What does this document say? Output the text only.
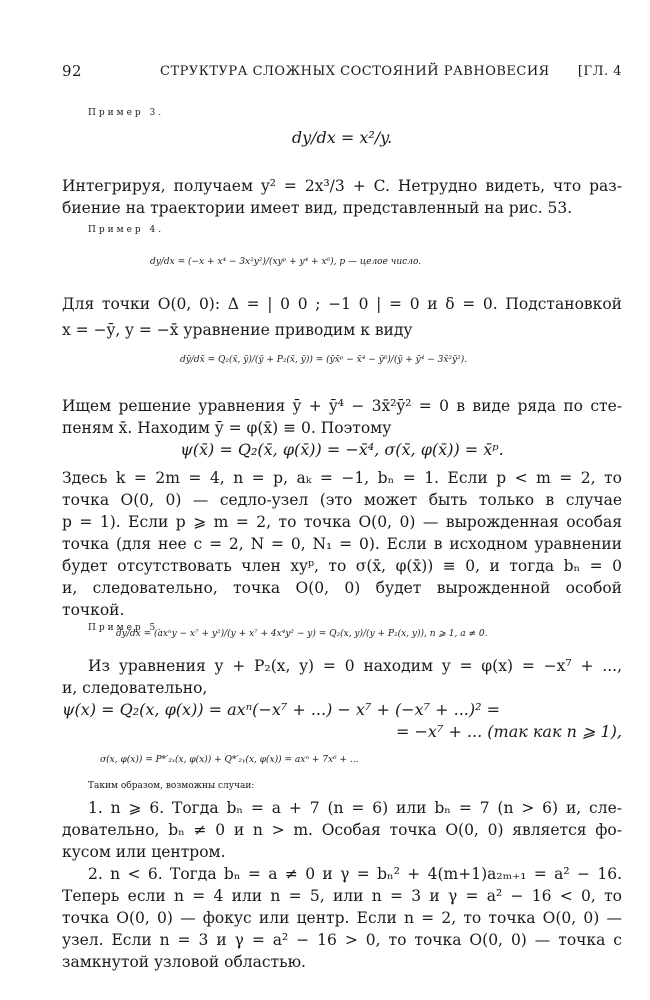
92	СТРУКТУРА СЛОЖНЫХ СОСТОЯНИЙ РАВНОВЕСИЯ [ГЛ. 4
Пример 3.
dy/dx = x²/y.
Интегрируя, получаем y² = 2x³/3 + C. Нетрудно видеть, что раз-
биение на траектории имеет вид, представленный на рис. 53.
Пример 4.
dy/dx = (−x + x⁴ − 3x²y²)/(xyᵖ + y⁴ + x⁶), p — целое число.
Для точки O(0, 0): Δ = | 0 0 ; −1 0 | = 0 и δ = 0. Подстановкой
x = −ȳ, y = −x̄ уравнение приводим к виду
dȳ/dx̄ = Q₂(x̄, ȳ)/(ȳ + P₂(x̄, ȳ)) = (ȳx̄ᵖ − x̄⁴ − ȳ⁶)/(ȳ + ȳ⁴ − 3x̄²ȳ²).
Ищем решение уравнения ȳ + ȳ⁴ − 3x̄²ȳ² = 0 в виде ряда по сте-
пеням x̄. Находим ȳ = φ(x̄) ≡ 0. Поэтому
ψ(x̄) = Q₂(x̄, φ(x̄)) = −x̄⁴, σ(x̄, φ(x̄)) = x̄ᵖ.
Здесь k = 2m = 4, n = p, aₖ = −1, bₙ = 1. Если p < m = 2, то
точка O(0, 0) — седло-узел (это может быть только в случае
p = 1). Если p ⩾ m = 2, то точка O(0, 0) — вырожденная особая
точка (для нее c = 2, N = 0, N₁ = 0). Если в исходном уравнении
будет отсутствовать член xyᵖ, то σ(x̄, φ(x̄)) ≡ 0, и тогда bₙ = 0
и, следовательно, точка O(0, 0) будет вырожденной особой
точкой.
Пример 5.
dy/dx = (axⁿy − x⁷ + y²)/(y + x⁷ + 4x⁴y² − y) = Q₂(x, y)/(y + P₂(x, y)), n ⩾ 1, a ≠ 0.
Из уравнения y + P₂(x, y) = 0 находим y = φ(x) = −x⁷ + ...,
и, следовательно,
ψ(x) = Q₂(x, φ(x)) = axⁿ(−x⁷ + ...) − x⁷ + (−x⁷ + ...)² =
= −x⁷ + ... (так как n ⩾ 1),
σ(x, φ(x)) = P*′₂ₓ(x, φ(x)) + Q*′₂ᵧ(x, φ(x)) = axⁿ + 7x⁶ + ...
Таким образом, возможны случаи:
1. n ⩾ 6. Тогда bₙ = a + 7 (n = 6) или bₙ = 7 (n > 6) и, сле-
довательно, bₙ ≠ 0 и n > m. Особая точка O(0, 0) является фо-
кусом или центром.
2. n < 6. Тогда bₙ = a ≠ 0 и γ = bₙ² + 4(m+1)a₂ₘ₊₁ = a² − 16.
Теперь если n = 4 или n = 5, или n = 3 и γ = a² − 16 < 0, то
точка O(0, 0) — фокус или центр. Если n = 2, то точка O(0, 0) —
узел. Если n = 3 и γ = a² − 16 > 0, то точка O(0, 0) — точка с
замкнутой узловой областью.
